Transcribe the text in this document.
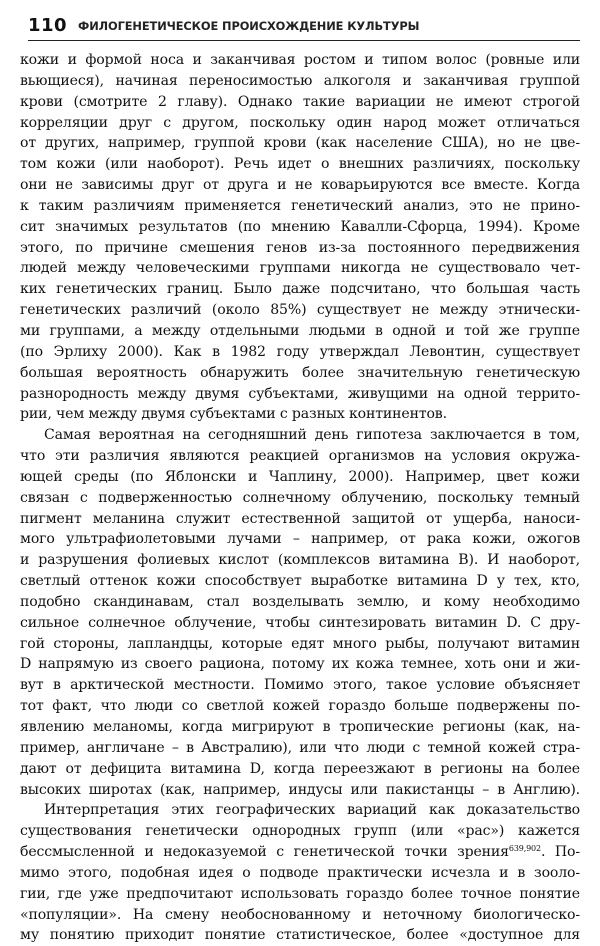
110 ФИЛОГЕНЕТИЧЕСКОЕ ПРОИСХОЖДЕНИЕ КУЛЬТУРЫ
кожи и формой носа и заканчивая ростом и типом волос (ровные или
вьющиеся), начиная переносимостью алкоголя и заканчивая группой
крови (смотрите 2 главу). Однако такие вариации не имеют строгой
корреляции друг с другом, поскольку один народ может отличаться
от других, например, группой крови (как население США), но не цве-
том кожи (или наоборот). Речь идет о внешних различиях, поскольку
они не зависимы друг от друга и не коварьируются все вместе. Когда
к таким различиям применяется генетический анализ, это не прино-
сит значимых результатов (по мнению Кавалли-Сфорца, 1994). Кроме
этого, по причине смешения генов из-за постоянного передвижения
людей между человеческими группами никогда не существовало чет-
ких генетических границ. Было даже подсчитано, что большая часть
генетических различий (около 85%) существует не между этнически-
ми группами, а между отдельными людьми в одной и той же группе
(по Эрлиху 2000). Как в 1982 году утверждал Левонтин, существует
большая вероятность обнаружить более значительную генетическую
разнородность между двумя субъектами, живущими на одной террито-
рии, чем между двумя субъектами с разных континентов.
Самая вероятная на сегодняшний день гипотеза заключается в том,
что эти различия являются реакцией организмов на условия окружа-
ющей среды (по Яблонски и Чаплину, 2000). Например, цвет кожи
связан с подверженностью солнечному облучению, поскольку темный
пигмент меланина служит естественной защитой от ущерба, наноси-
мого ультрафиолетовыми лучами – например, от рака кожи, ожогов
и разрушения фолиевых кислот (комплексов витамина В). И наоборот,
светлый оттенок кожи способствует выработке витамина D у тех, кто,
подобно скандинавам, стал возделывать землю, и кому необходимо
сильное солнечное облучение, чтобы синтезировать витамин D. С дру-
гой стороны, лапландцы, которые едят много рыбы, получают витамин
D напрямую из своего рациона, потому их кожа темнее, хоть они и жи-
вут в арктической местности. Помимо этого, такое условие объясняет
тот факт, что люди со светлой кожей гораздо больше подвержены по-
явлению меланомы, когда мигрируют в тропические регионы (как, на-
пример, англичане – в Австралию), или что люди с темной кожей стра-
дают от дефицита витамина D, когда переезжают в регионы на более
высоких широтах (как, например, индусы или пакистанцы – в Англию).
Интерпретация этих географических вариаций как доказательство
существования генетически однородных групп (или «рас») кажется
бессмысленной и недоказуемой с генетической точки зрения$^{639,902}$. По-
мимо этого, подобная идея о подводе практически исчезла и в зооло-
гии, где уже предпочитают использовать гораздо более точное понятие
«популяции». На смену необоснованному и неточному биологическо-
му понятию приходит понятие статистическое, более «доступное для
